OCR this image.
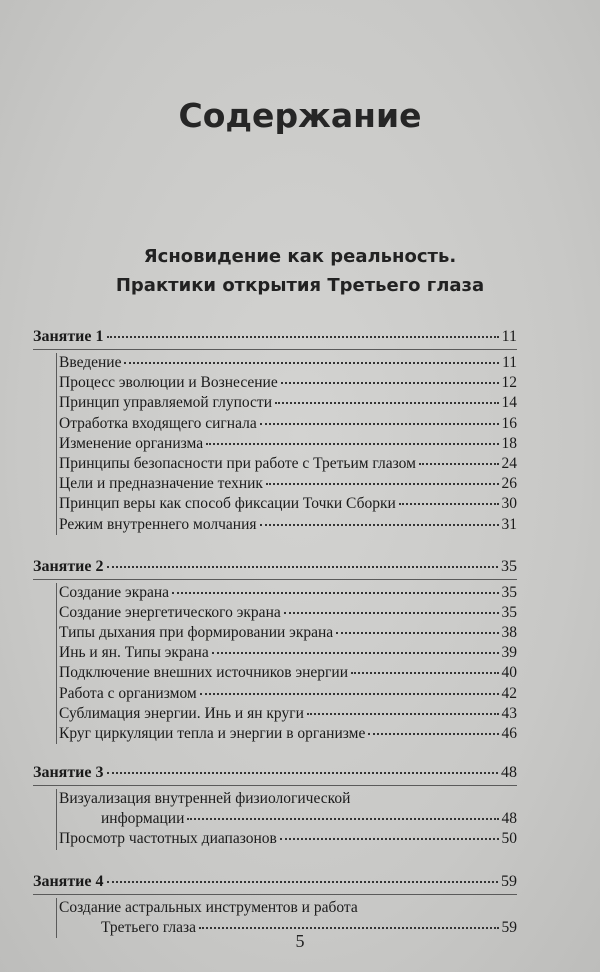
Содержание
Ясновидение как реальность.
Практики открытия Третьего глаза
Занятие 1	11
Введение	11
Процесс эволюции и Вознесение	12
Принцип управляемой глупости	14
Отработка входящего сигнала	16
Изменение организма	18
Принципы безопасности при работе с Третьим глазом	24
Цели и предназначение техник	26
Принцип веры как способ фиксации Точки Сборки	30
Режим внутреннего молчания	31
Занятие 2	35
Создание экрана	35
Создание энергетического экрана	35
Типы дыхания при формировании экрана	38
Инь и ян. Типы экрана	39
Подключение внешних источников энергии	40
Работа с организмом	42
Сублимация энергии. Инь и ян круги	43
Круг циркуляции тепла и энергии в организме	46
Занятие 3	48
Визуализация внутренней физиологической
информации	48
Просмотр частотных диапазонов	50
Занятие 4	59
Создание астральных инструментов и работа
Третьего глаза	59
5
